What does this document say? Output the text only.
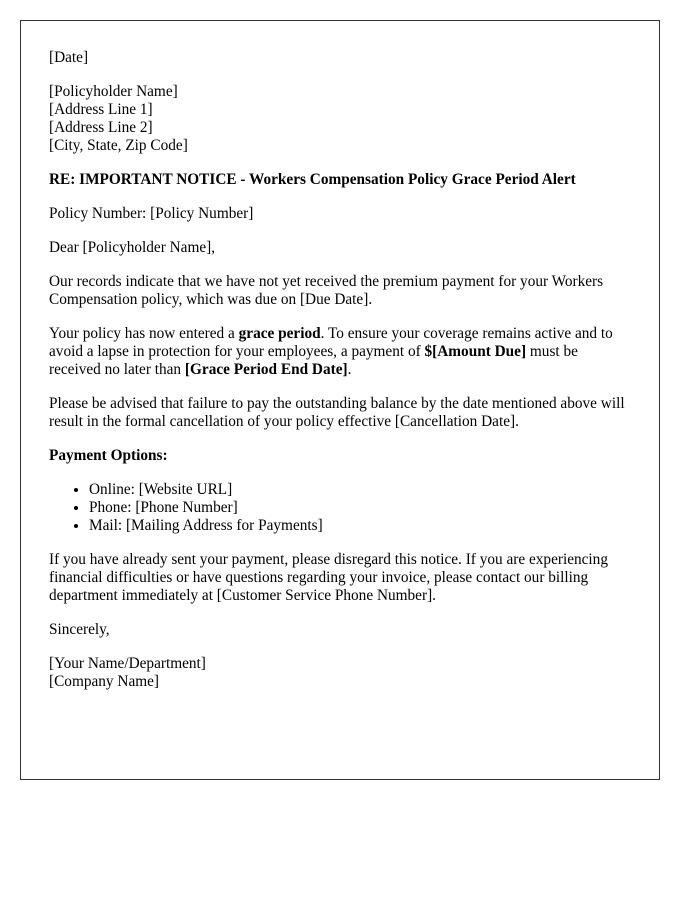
[Date]
[Policyholder Name]
[Address Line 1]
[Address Line 2]
[City, State, Zip Code]
RE: IMPORTANT NOTICE - Workers Compensation Policy Grace Period Alert

Policy Number: [Policy Number]

Dear [Policyholder Name],

Our records indicate that we have not yet received the premium payment for your Workers Compensation policy, which was due on [Due Date].

Your policy has now entered a grace period. To ensure your coverage remains active and to avoid a lapse in protection for your employees, a payment of $[Amount Due] must be received no later than [Grace Period End Date].

Please be advised that failure to pay the outstanding balance by the date mentioned above will result in the formal cancellation of your policy effective [Cancellation Date].

Payment Options:
• Online: [Website URL]
• Phone: [Phone Number]
• Mail: [Mailing Address for Payments]

If you have already sent your payment, please disregard this notice. If you are experiencing financial difficulties or have questions regarding your invoice, please contact our billing department immediately at [Customer Service Phone Number].

Sincerely,

[Your Name/Department]
[Company Name]
